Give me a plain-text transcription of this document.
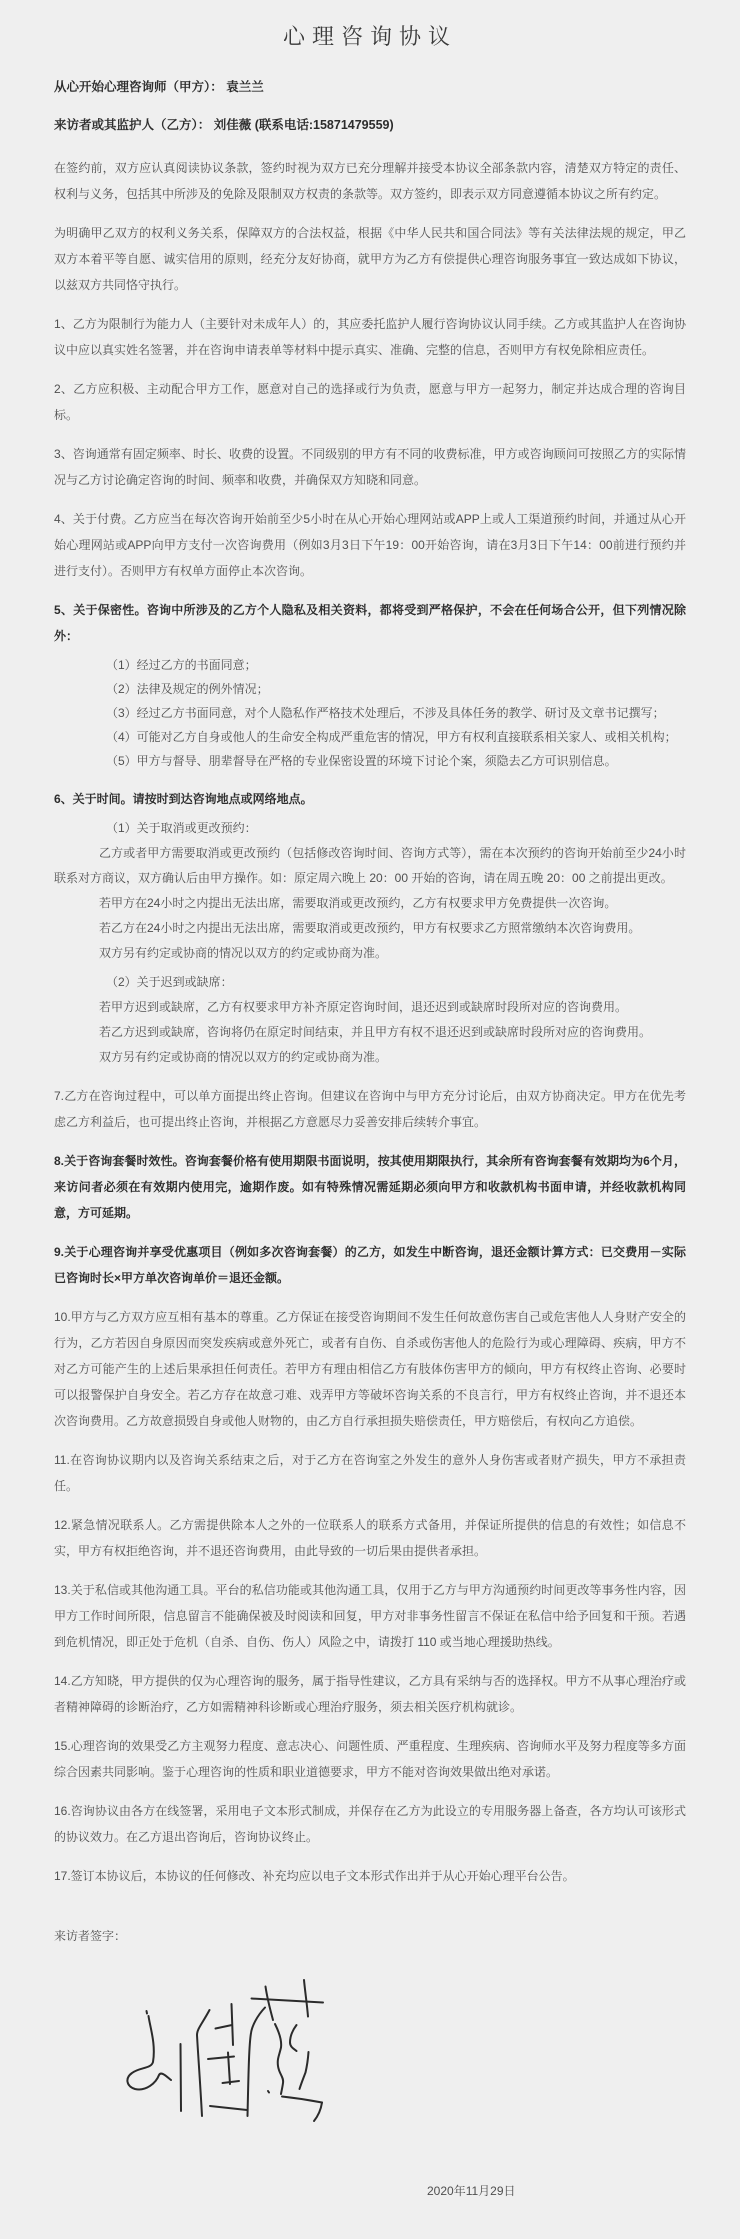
心理咨询协议

从心开始心理咨询师（甲方）： 袁兰兰

来访者或其监护人（乙方）： 刘佳薇 (联系电话:15871479559)

在签约前，双方应认真阅读协议条款，签约时视为双方已充分理解并接受本协议全部条款内容，清楚双方特定的责任、权利与义务，包括其中所涉及的免除及限制双方权责的条款等。双方签约，即表示双方同意遵循本协议之所有约定。

为明确甲乙双方的权利义务关系，保障双方的合法权益，根据《中华人民共和国合同法》等有关法律法规的规定，甲乙双方本着平等自愿、诚实信用的原则，经充分友好协商，就甲方为乙方有偿提供心理咨询服务事宜一致达成如下协议，以兹双方共同恪守执行。

1、乙方为限制行为能力人（主要针对未成年人）的，其应委托监护人履行咨询协议认同手续。乙方或其监护人在咨询协议中应以真实姓名签署，并在咨询申请表单等材料中提示真实、准确、完整的信息，否则甲方有权免除相应责任。

2、乙方应积极、主动配合甲方工作，愿意对自己的选择或行为负责，愿意与甲方一起努力，制定并达成合理的咨询目标。

3、咨询通常有固定频率、时长、收费的设置。不同级别的甲方有不同的收费标准，甲方或咨询顾问可按照乙方的实际情况与乙方讨论确定咨询的时间、频率和收费，并确保双方知晓和同意。

4、关于付费。乙方应当在每次咨询开始前至少5小时在从心开始心理网站或APP上或人工渠道预约时间，并通过从心开始心理网站或APP向甲方支付一次咨询费用（例如3月3日下午19：00开始咨询，请在3月3日下午14：00前进行预约并进行支付）。否则甲方有权单方面停止本次咨询。

5、关于保密性。咨询中所涉及的乙方个人隐私及相关资料，都将受到严格保护，不会在任何场合公开，但下列情况除外：

（1）经过乙方的书面同意；

（2）法律及规定的例外情况；

（3）经过乙方书面同意，对个人隐私作严格技术处理后，不涉及具体任务的教学、研讨及文章书记撰写；

（4）可能对乙方自身或他人的生命安全构成严重危害的情况，甲方有权利直接联系相关家人、或相关机构；

（5）甲方与督导、朋辈督导在严格的专业保密设置的环境下讨论个案，须隐去乙方可识别信息。

6、关于时间。请按时到达咨询地点或网络地点。

（1）关于取消或更改预约：

乙方或者甲方需要取消或更改预约（包括修改咨询时间、咨询方式等），需在本次预约的咨询开始前至少24小时联系对方商议，双方确认后由甲方操作。如：原定周六晚上 20：00 开始的咨询，请在周五晚 20：00 之前提出更改。

若甲方在24小时之内提出无法出席，需要取消或更改预约，乙方有权要求甲方免费提供一次咨询。

若乙方在24小时之内提出无法出席，需要取消或更改预约，甲方有权要求乙方照常缴纳本次咨询费用。

双方另有约定或协商的情况以双方的约定或协商为准。

（2）关于迟到或缺席：

若甲方迟到或缺席，乙方有权要求甲方补齐原定咨询时间，退还迟到或缺席时段所对应的咨询费用。

若乙方迟到或缺席，咨询将仍在原定时间结束，并且甲方有权不退还迟到或缺席时段所对应的咨询费用。

双方另有约定或协商的情况以双方的约定或协商为准。

7.乙方在咨询过程中，可以单方面提出终止咨询。但建议在咨询中与甲方充分讨论后，由双方协商决定。甲方在优先考虑乙方利益后，也可提出终止咨询，并根据乙方意愿尽力妥善安排后续转介事宜。

8.关于咨询套餐时效性。咨询套餐价格有使用期限书面说明，按其使用期限执行，其余所有咨询套餐有效期均为6个月，来访问者必须在有效期内使用完，逾期作废。如有特殊情况需延期必须向甲方和收款机构书面申请，并经收款机构同意，方可延期。

9.关于心理咨询并享受优惠项目（例如多次咨询套餐）的乙方，如发生中断咨询，退还金额计算方式：已交费用－实际已咨询时长×甲方单次咨询单价＝退还金额。

10.甲方与乙方双方应互相有基本的尊重。乙方保证在接受咨询期间不发生任何故意伤害自己或危害他人人身财产安全的行为，乙方若因自身原因而突发疾病或意外死亡，或者有自伤、自杀或伤害他人的危险行为或心理障碍、疾病，甲方不对乙方可能产生的上述后果承担任何责任。若甲方有理由相信乙方有肢体伤害甲方的倾向，甲方有权终止咨询、必要时可以报警保护自身安全。若乙方存在故意刁难、戏弄甲方等破坏咨询关系的不良言行，甲方有权终止咨询，并不退还本次咨询费用。乙方故意损毁自身或他人财物的，由乙方自行承担损失赔偿责任，甲方赔偿后，有权向乙方追偿。

11.在咨询协议期内以及咨询关系结束之后，对于乙方在咨询室之外发生的意外人身伤害或者财产损失，甲方不承担责任。

12.紧急情况联系人。乙方需提供除本人之外的一位联系人的联系方式备用，并保证所提供的信息的有效性；如信息不实，甲方有权拒绝咨询，并不退还咨询费用，由此导致的一切后果由提供者承担。

13.关于私信或其他沟通工具。平台的私信功能或其他沟通工具，仅用于乙方与甲方沟通预约时间更改等事务性内容，因甲方工作时间所限，信息留言不能确保被及时阅读和回复，甲方对非事务性留言不保证在私信中给予回复和干预。若遇到危机情况，即正处于危机（自杀、自伤、伤人）风险之中，请拨打 110 或当地心理援助热线。

14.乙方知晓，甲方提供的仅为心理咨询的服务，属于指导性建议，乙方具有采纳与否的选择权。甲方不从事心理治疗或者精神障碍的诊断治疗，乙方如需精神科诊断或心理治疗服务，须去相关医疗机构就诊。

15.心理咨询的效果受乙方主观努力程度、意志决心、问题性质、严重程度、生理疾病、咨询师水平及努力程度等多方面综合因素共同影响。鉴于心理咨询的性质和职业道德要求，甲方不能对咨询效果做出绝对承诺。

16.咨询协议由各方在线签署，采用电子文本形式制成，并保存在乙方为此设立的专用服务器上备查，各方均认可该形式的协议效力。在乙方退出咨询后，咨询协议终止。

17.签订本协议后，本协议的任何修改、补充均应以电子文本形式作出并于从心开始心理平台公告。

来访者签字：

2020年11月29日
